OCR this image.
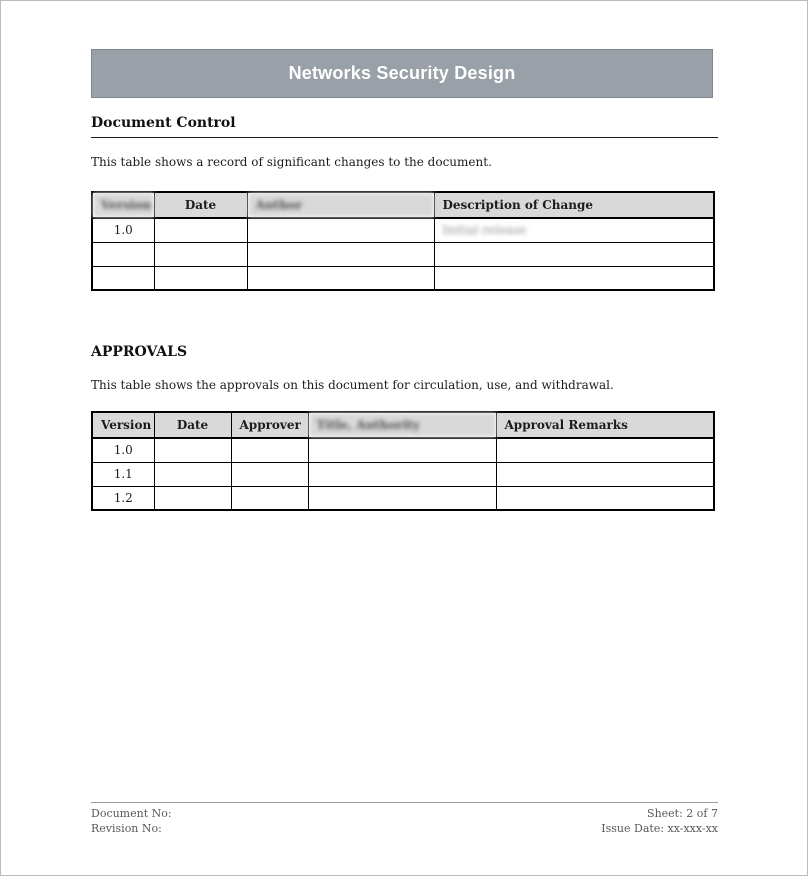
Networks Security Design
Document Control
This table shows a record of significant changes to the document.
Version	Date	Author	Description of Change
1.0			Initial release

APPROVALS
This table shows the approvals on this document for circulation, use, and withdrawal.
Version	Date	Approver	Title, Authority	Approval Remarks
1.0				
1.1				
1.2				
Document No:
Revision No:
Sheet: 2 of 7
Issue Date: xx-xxx-xx
